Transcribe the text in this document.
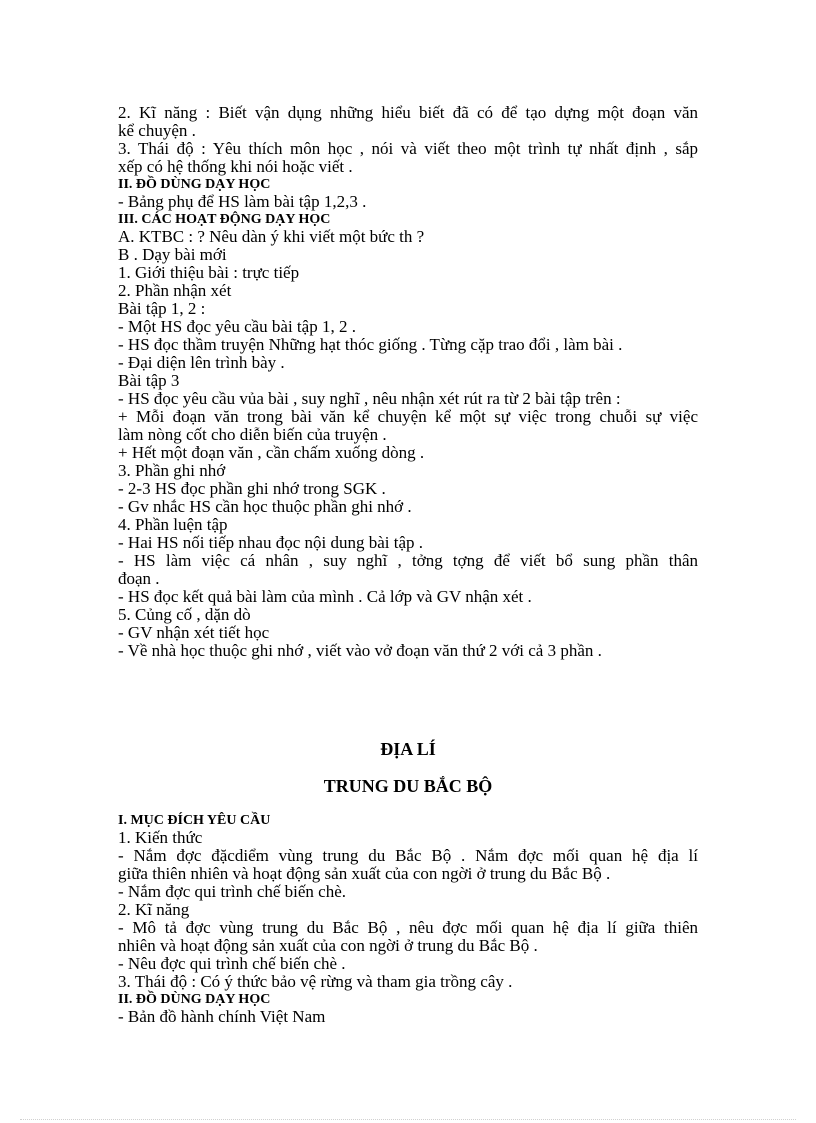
2. Kĩ năng : Biết vận dụng những hiểu biết đã có để tạo dựng một đoạn văn
kể chuyện .
3. Thái độ : Yêu thích môn học , nói và viết theo một trình tự nhất định , sắp
xếp có hệ thống khi nói hoặc viết .
II. ĐỒ DÙNG DẠY HỌC
- Bảng phụ để HS làm bài tập 1,2,3 .
III. CÁC HOẠT ĐỘNG DẠY HỌC
A. KTBC : ? Nêu dàn ý khi viết một bức th ?
B . Dạy bài mới
1. Giới thiệu bài : trực tiếp
2. Phần nhận xét
Bài tập 1, 2 :
- Một HS đọc yêu cầu bài tập 1, 2 .
- HS đọc thầm truyện Những hạt thóc giống . Từng cặp trao đổi , làm bài .
- Đại diện lên trình bày .
Bài tập 3
- HS đọc yêu cầu vủa bài , suy nghĩ , nêu nhận xét rút ra từ 2 bài tập trên :
+ Mỗi đoạn văn trong bài văn kể chuyện kể một sự việc trong chuỗi sự việc
làm nòng cốt cho diễn biến của truyện .
+ Hết một đoạn văn , cần chấm xuống dòng .
3. Phần ghi nhớ
- 2-3 HS đọc phần ghi nhớ trong SGK .
- Gv nhắc HS cần học thuộc phần ghi nhớ .
4. Phần luện tập
- Hai HS nối tiếp nhau đọc nội dung bài tập .
- HS làm việc cá nhân , suy nghĩ , tởng tợng để viết bổ sung phần thân
đoạn .
- HS đọc kết quả bài làm của mình . Cả lớp và GV nhận xét .
5. Củng cố , dặn dò
- GV nhận xét tiết học
- Về nhà học thuộc ghi nhớ , viết vào vở đoạn văn thứ 2 với cả 3 phần .
ĐỊA LÍ
TRUNG DU BẮC BỘ
I. MỤC ĐÍCH YÊU CẦU
1. Kiến thức
- Nắm đợc đặcdiểm vùng trung du Bắc Bộ . Nắm đợc mối quan hệ địa lí
giữa thiên nhiên và hoạt động sản xuất của con ngời ở trung du Bắc Bộ .
- Nắm đợc qui trình chế biến chè.
2. Kĩ năng
- Mô tả đợc vùng trung du Bắc Bộ , nêu đợc mối quan hệ địa lí giữa thiên
nhiên và hoạt động sản xuất của con ngời ở trung du Bắc Bộ .
- Nêu đợc qui trình chế biến chè .
3. Thái độ : Có ý thức bảo vệ rừng và tham gia trồng cây .
II. ĐỒ DÙNG DẠY HỌC
- Bản đồ hành chính Việt Nam
